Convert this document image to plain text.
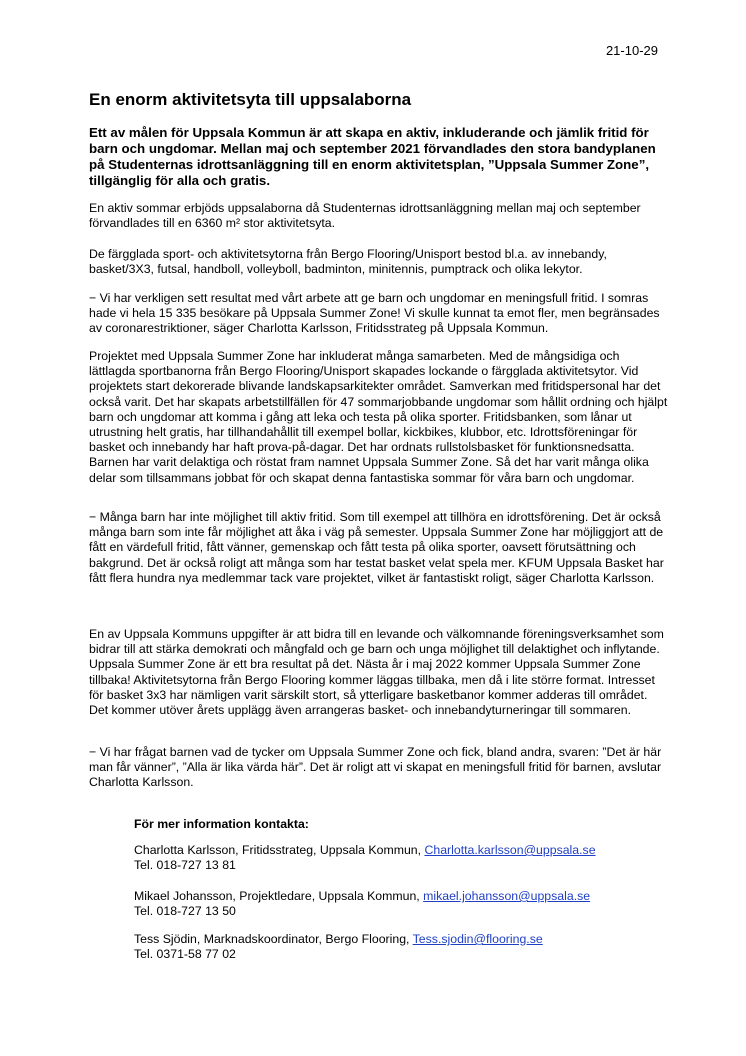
21-10-29
En enorm aktivitetsyta till uppsalaborna

Ett av målen för Uppsala Kommun är att skapa en aktiv, inkluderande och jämlik fritid för barn och ungdomar. Mellan maj och september 2021 förvandlades den stora bandyplanen på Studenternas idrottsanläggning till en enorm aktivitetsplan, ”Uppsala Summer Zone”, tillgänglig för alla och gratis.

En aktiv sommar erbjöds uppsalaborna då Studenternas idrottsanläggning mellan maj och september förvandlades till en 6360 m² stor aktivitetsyta.

De färgglada sport- och aktivitetsytorna från Bergo Flooring/Unisport bestod bl.a. av innebandy, basket/3X3, futsal, handboll, volleyboll, badminton, minitennis, pumptrack och olika lekytor.

− Vi har verkligen sett resultat med vårt arbete att ge barn och ungdomar en meningsfull fritid. I somras hade vi hela 15 335 besökare på Uppsala Summer Zone! Vi skulle kunnat ta emot fler, men begränsades av coronarestriktioner, säger Charlotta Karlsson, Fritidsstrateg på Uppsala Kommun.

Projektet med Uppsala Summer Zone har inkluderat många samarbeten. Med de mångsidiga och lättlagda sportbanorna från Bergo Flooring/Unisport skapades lockande o färgglada aktivitetsytor. Vid projektets start dekorerade blivande landskapsarkitekter området. Samverkan med fritidspersonal har det också varit. Det har skapats arbetstillfällen för 47 sommarjobbande ungdomar som hållit ordning och hjälpt barn och ungdomar att komma i gång att leka och testa på olika sporter. Fritidsbanken, som lånar ut utrustning helt gratis, har tillhandahållit till exempel bollar, kickbikes, klubbor, etc. Idrottsföreningar för basket och innebandy har haft prova-på-dagar. Det har ordnats rullstolsbasket för funktionsnedsatta. Barnen har varit delaktiga och röstat fram namnet Uppsala Summer Zone. Så det har varit många olika delar som tillsammans jobbat för och skapat denna fantastiska sommar för våra barn och ungdomar.

− Många barn har inte möjlighet till aktiv fritid. Som till exempel att tillhöra en idrottsförening. Det är också många barn som inte får möjlighet att åka i väg på semester. Uppsala Summer Zone har möjliggjort att de fått en värdefull fritid, fått vänner, gemenskap och fått testa på olika sporter, oavsett förutsättning och bakgrund. Det är också roligt att många som har testat basket velat spela mer. KFUM Uppsala Basket har fått flera hundra nya medlemmar tack vare projektet, vilket är fantastiskt roligt, säger Charlotta Karlsson.

En av Uppsala Kommuns uppgifter är att bidra till en levande och välkomnande föreningsverksamhet som bidrar till att stärka demokrati och mångfald och ge barn och unga möjlighet till delaktighet och inflytande. Uppsala Summer Zone är ett bra resultat på det. Nästa år i maj 2022 kommer Uppsala Summer Zone tillbaka! Aktivitetsytorna från Bergo Flooring kommer läggas tillbaka, men då i lite större format. Intresset för basket 3x3 har nämligen varit särskilt stort, så ytterligare basketbanor kommer adderas till området. Det kommer utöver årets upplägg även arrangeras basket- och innebandyturneringar till sommaren.

− Vi har frågat barnen vad de tycker om Uppsala Summer Zone och fick, bland andra, svaren: ”Det är här man får vänner”, ”Alla är lika värda här”. Det är roligt att vi skapat en meningsfull fritid för barnen, avslutar Charlotta Karlsson.

För mer information kontakta:
Charlotta Karlsson, Fritidsstrateg, Uppsala Kommun, Charlotta.karlsson@uppsala.se
Tel. 018-727 13 81
Mikael Johansson, Projektledare, Uppsala Kommun, mikael.johansson@uppsala.se
Tel. 018-727 13 50
Tess Sjödin, Marknadskoordinator, Bergo Flooring, Tess.sjodin@flooring.se
Tel. 0371-58 77 02
